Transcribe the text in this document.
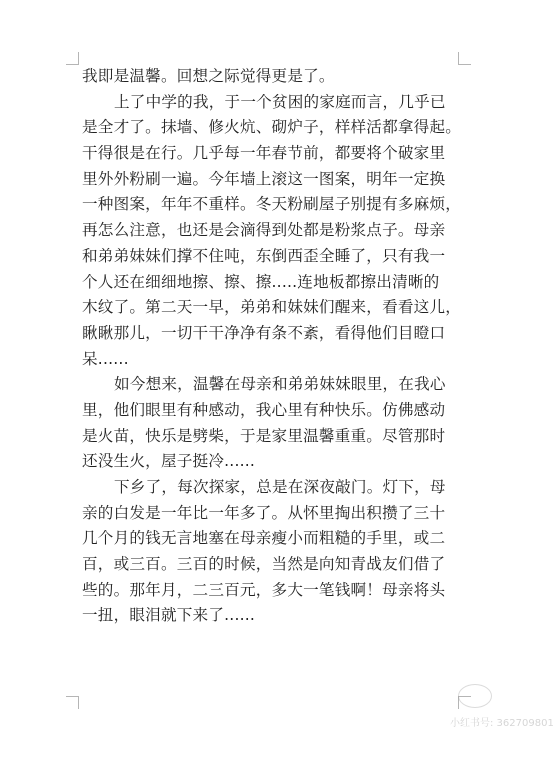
我即是温馨。回想之际觉得更是了。
上了中学的我，于一个贫困的家庭而言，几乎已
是全才了。抹墙、修火炕、砌炉子，样样活都拿得起。
干得很是在行。几乎每一年春节前，都要将个破家里
里外外粉刷一遍。今年墙上滚这一图案，明年一定换
一种图案，年年不重样。冬天粉刷屋子别提有多麻烦，
再怎么注意，也还是会滴得到处都是粉浆点子。母亲
和弟弟妹妹们撑不住吨，东倒西歪全睡了，只有我一
个人还在细细地擦、擦、擦.....连地板都擦出清晰的
木纹了。第二天一早，弟弟和妹妹们醒来，看看这儿，
瞅瞅那儿，一切干干净净有条不紊，看得他们目瞪口
呆......
如今想来，温馨在母亲和弟弟妹妹眼里，在我心
里，他们眼里有种感动，我心里有种快乐。仿佛感动
是火苗，快乐是劈柴，于是家里温馨重重。尽管那时
还没生火，屋子挺冷......
下乡了，每次探家，总是在深夜敲门。灯下，母
亲的白发是一年比一年多了。从怀里掏出积攒了三十
几个月的钱无言地塞在母亲瘦小而粗糙的手里，或二
百，或三百。三百的时候，当然是向知青战友们借了
些的。那年月，二三百元，多大一笔钱啊！母亲将头
一扭，眼泪就下来了......
小红书号: 362709801
